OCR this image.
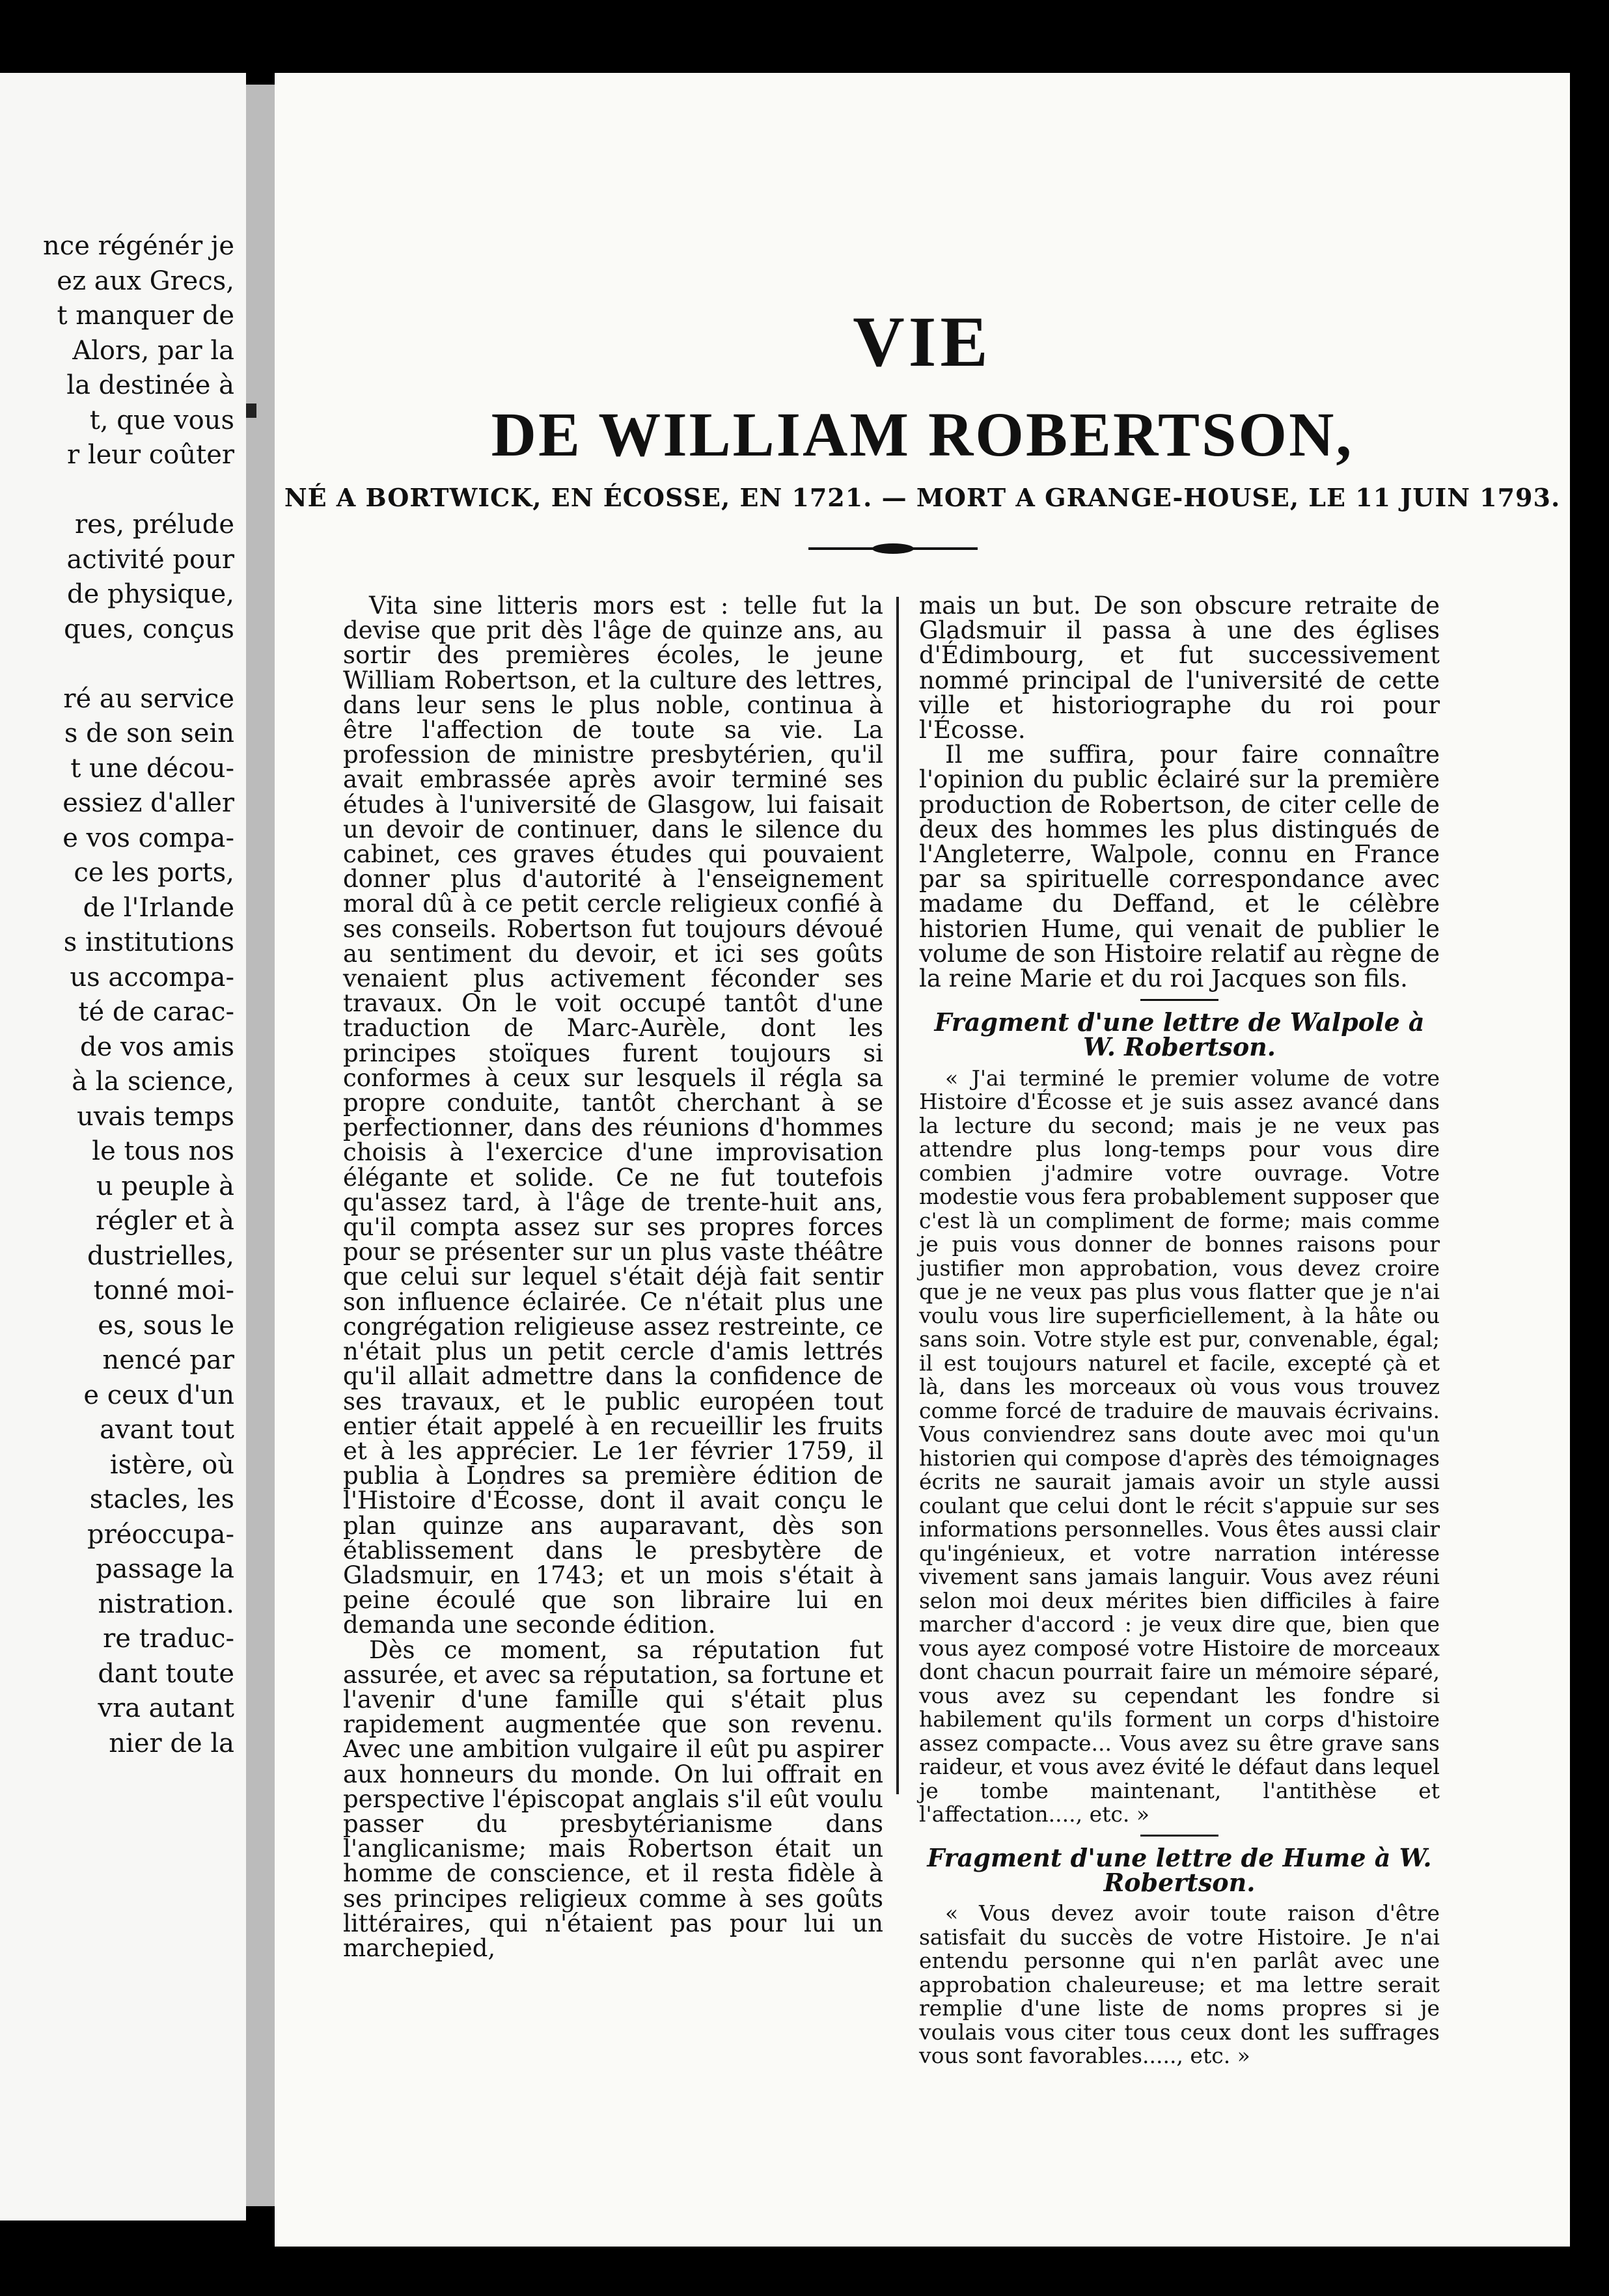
nce régénér je
ez aux Grecs,
t manquer de
Alors, par la
la destinée à
t, que vous
r leur coûter
res, prélude
activité pour
de physique,
ques, conçus
ré au service
s de son sein
t une décou-
essiez d'aller
e vos compa-
ce les ports,
de l'Irlande
s institutions
us accompa-
té de carac-
de vos amis
à la science,
uvais temps
le tous nos
u peuple à
régler et à
dustrielles,
tonné moi-
es, sous le
nencé par
e ceux d'un
avant tout
istère, où
stacles, les
préoccupa-
passage la
nistration.
re traduc-
dant toute
vra autant
nier de la
VIE
DE WILLIAM ROBERTSON,
NÉ A BORTWICK, EN ÉCOSSE, EN 1721. — MORT A GRANGE-HOUSE, LE 11 JUIN 1793.

Vita sine litteris mors est : telle fut la devise que prit dès l'âge de quinze ans, au sortir des premières écoles, le jeune William Robertson, et la culture des lettres, dans leur sens le plus noble, continua à être l'affection de toute sa vie. La profession de ministre presbytérien, qu'il avait embrassée après avoir terminé ses études à l'université de Glasgow, lui faisait un devoir de continuer, dans le silence du cabinet, ces graves études qui pouvaient donner plus d'autorité à l'enseignement moral dû à ce petit cercle religieux confié à ses conseils. Robertson fut toujours dévoué au sentiment du devoir, et ici ses goûts venaient plus activement féconder ses travaux. On le voit occupé tantôt d'une traduction de Marc-Aurèle, dont les principes stoïques furent toujours si conformes à ceux sur lesquels il régla sa propre conduite, tantôt cherchant à se perfectionner, dans des réunions d'hommes choisis à l'exercice d'une improvisation élégante et solide. Ce ne fut toutefois qu'assez tard, à l'âge de trente-huit ans, qu'il compta assez sur ses propres forces pour se présenter sur un plus vaste théâtre que celui sur lequel s'était déjà fait sentir son influence éclairée. Ce n'était plus une congrégation religieuse assez restreinte, ce n'était plus un petit cercle d'amis lettrés qu'il allait admettre dans la confidence de ses travaux, et le public européen tout entier était appelé à en recueillir les fruits et à les apprécier. Le 1er février 1759, il publia à Londres sa première édition de l'Histoire d'Écosse, dont il avait conçu le plan quinze ans auparavant, dès son établissement dans le presbytère de Gladsmuir, en 1743; et un mois s'était à peine écoulé que son libraire lui en demanda une seconde édition.

Dès ce moment, sa réputation fut assurée, et avec sa réputation, sa fortune et l'avenir d'une famille qui s'était plus rapidement augmentée que son revenu. Avec une ambition vulgaire il eût pu aspirer aux honneurs du monde. On lui offrait en perspective l'épiscopat anglais s'il eût voulu passer du presbytérianisme dans l'anglicanisme; mais Robertson était un homme de conscience, et il resta fidèle à ses principes religieux comme à ses goûts littéraires, qui n'étaient pas pour lui un marchepied,

mais un but. De son obscure retraite de Gladsmuir il passa à une des églises d'Édimbourg, et fut successivement nommé principal de l'université de cette ville et historiographe du roi pour l'Écosse.

Il me suffira, pour faire connaître l'opinion du public éclairé sur la première production de Robertson, de citer celle de deux des hommes les plus distingués de l'Angleterre, Walpole, connu en France par sa spirituelle correspondance avec madame du Deffand, et le célèbre historien Hume, qui venait de publier le volume de son Histoire relatif au règne de la reine Marie et du roi Jacques son fils.

Fragment d'une lettre de Walpole à W. Robertson.

« J'ai terminé le premier volume de votre Histoire d'Écosse et je suis assez avancé dans la lecture du second; mais je ne veux pas attendre plus long-temps pour vous dire combien j'admire votre ouvrage. Votre modestie vous fera probablement supposer que c'est là un compliment de forme; mais comme je puis vous donner de bonnes raisons pour justifier mon approbation, vous devez croire que je ne veux pas plus vous flatter que je n'ai voulu vous lire superficiellement, à la hâte ou sans soin. Votre style est pur, convenable, égal; il est toujours naturel et facile, excepté çà et là, dans les morceaux où vous vous trouvez comme forcé de traduire de mauvais écrivains. Vous conviendrez sans doute avec moi qu'un historien qui compose d'après des témoignages écrits ne saurait jamais avoir un style aussi coulant que celui dont le récit s'appuie sur ses informations personnelles. Vous êtes aussi clair qu'ingénieux, et votre narration intéresse vivement sans jamais languir. Vous avez réuni selon moi deux mérites bien difficiles à faire marcher d'accord : je veux dire que, bien que vous ayez composé votre Histoire de morceaux dont chacun pourrait faire un mémoire séparé, vous avez su cependant les fondre si habilement qu'ils forment un corps d'histoire assez compacte... Vous avez su être grave sans raideur, et vous avez évité le défaut dans lequel je tombe maintenant, l'antithèse et l'affectation...., etc. »

Fragment d'une lettre de Hume à W. Robertson.

« Vous devez avoir toute raison d'être satisfait du succès de votre Histoire. Je n'ai entendu personne qui n'en parlât avec une approbation chaleureuse; et ma lettre serait remplie d'une liste de noms propres si je voulais vous citer tous ceux dont les suffrages vous sont favorables....., etc. »
